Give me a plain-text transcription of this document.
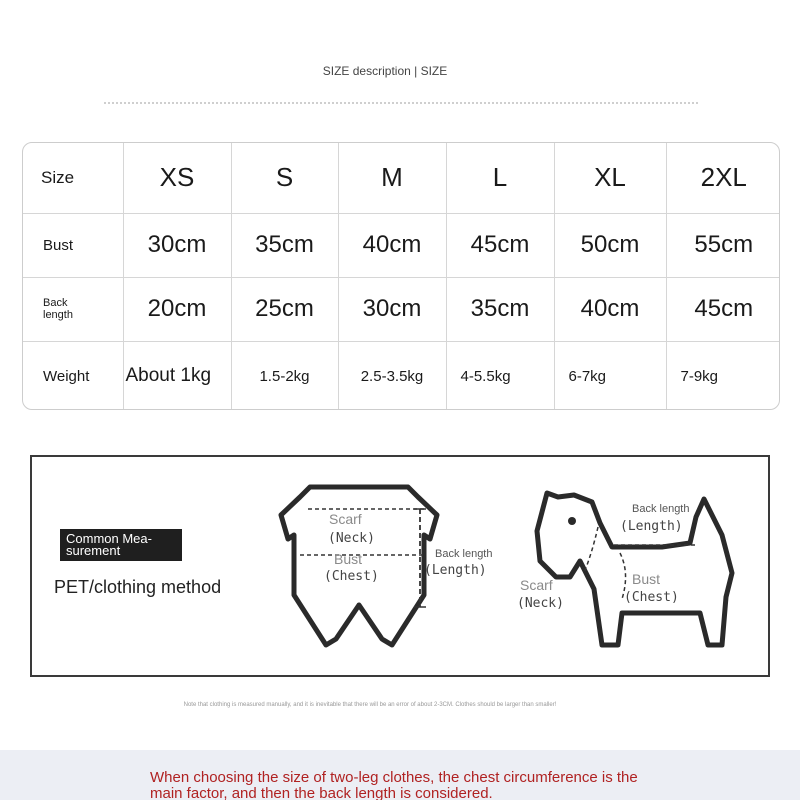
SIZE description | SIZE
Size	XS	S	M	L	XL	2XL
Bust	30cm	35cm	40cm	45cm	50cm	55cm
Back
length	20cm	25cm	30cm	35cm	40cm	45cm
Weight	About 1kg	1.5-2kg	2.5-3.5kg	4-5.5kg	6-7kg	7-9kg
Common Mea-
surement
PET/clothing method
Scarf
(Neck)
Bust
(Chest)
Back length
(Length)
Back length
(Length)
Scarf
(Neck)
Bust
(Chest)
Note that clothing is measured manually, and it is inevitable that there will be an error of about 2-3CM. Clothes should be larger than smaller!

When choosing the size of two-leg clothes, the chest circumference is the main factor, and then the back length is considered.
